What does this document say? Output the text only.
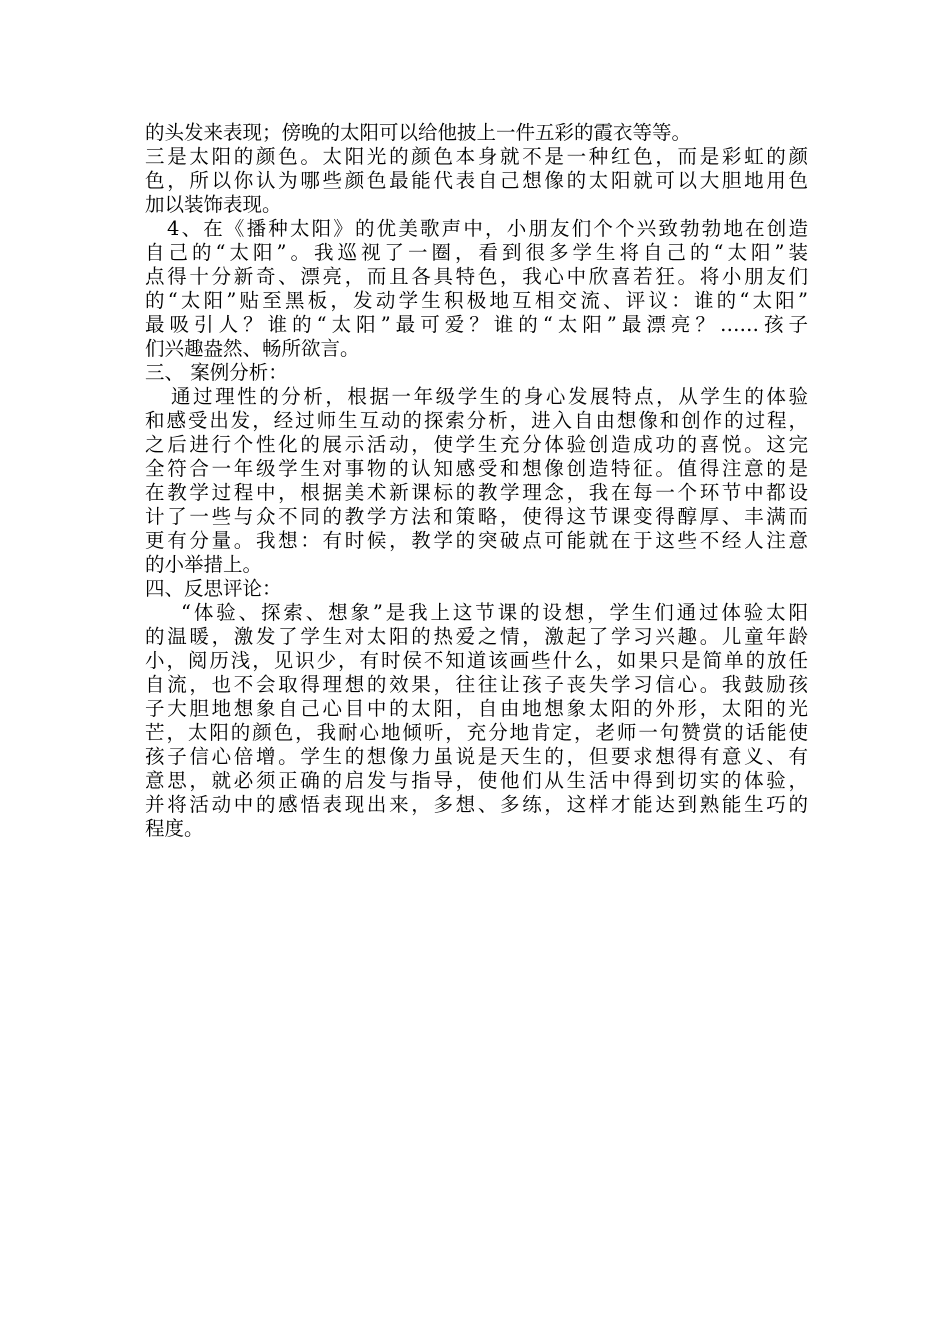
的头发来表现；傍晚的太阳可以给他披上一件五彩的霞衣等等。
三是太阳的颜色。太阳光的颜色本身就不是一种红色，而是彩虹的颜
色，所以你认为哪些颜色最能代表自己想像的太阳就可以大胆地用色
加以装饰表现。
4、在《播种太阳》的优美歌声中，小朋友们个个兴致勃勃地在创造
自己的“太阳”。我巡视了一圈，看到很多学生将自己的“太阳”装
点得十分新奇、漂亮，而且各具特色，我心中欣喜若狂。将小朋友们
的“太阳”贴至黑板，发动学生积极地互相交流、评议：谁的“太阳”
最吸引人？谁的“太阳”最可爱？谁的“太阳”最漂亮？……孩子
们兴趣盎然、畅所欲言。
三、 案例分析：
通过理性的分析，根据一年级学生的身心发展特点，从学生的体验
和感受出发，经过师生互动的探索分析，进入自由想像和创作的过程，
之后进行个性化的展示活动，使学生充分体验创造成功的喜悦。这完
全符合一年级学生对事物的认知感受和想像创造特征。值得注意的是
在教学过程中，根据美术新课标的教学理念，我在每一个环节中都设
计了一些与众不同的教学方法和策略，使得这节课变得醇厚、丰满而
更有分量。我想：有时候，教学的突破点可能就在于这些不经人注意
的小举措上。
四、反思评论：
“体验、探索、想象”是我上这节课的设想，学生们通过体验太阳
的温暖，激发了学生对太阳的热爱之情，激起了学习兴趣。儿童年龄
小，阅历浅，见识少，有时侯不知道该画些什么，如果只是简单的放任
自流，也不会取得理想的效果，往往让孩子丧失学习信心。我鼓励孩
子大胆地想象自己心目中的太阳，自由地想象太阳的外形，太阳的光
芒，太阳的颜色，我耐心地倾听，充分地肯定，老师一句赞赏的话能使
孩子信心倍增。学生的想像力虽说是天生的，但要求想得有意义、有
意思，就必须正确的启发与指导，使他们从生活中得到切实的体验，
并将活动中的感悟表现出来，多想、多练，这样才能达到熟能生巧的
程度。
